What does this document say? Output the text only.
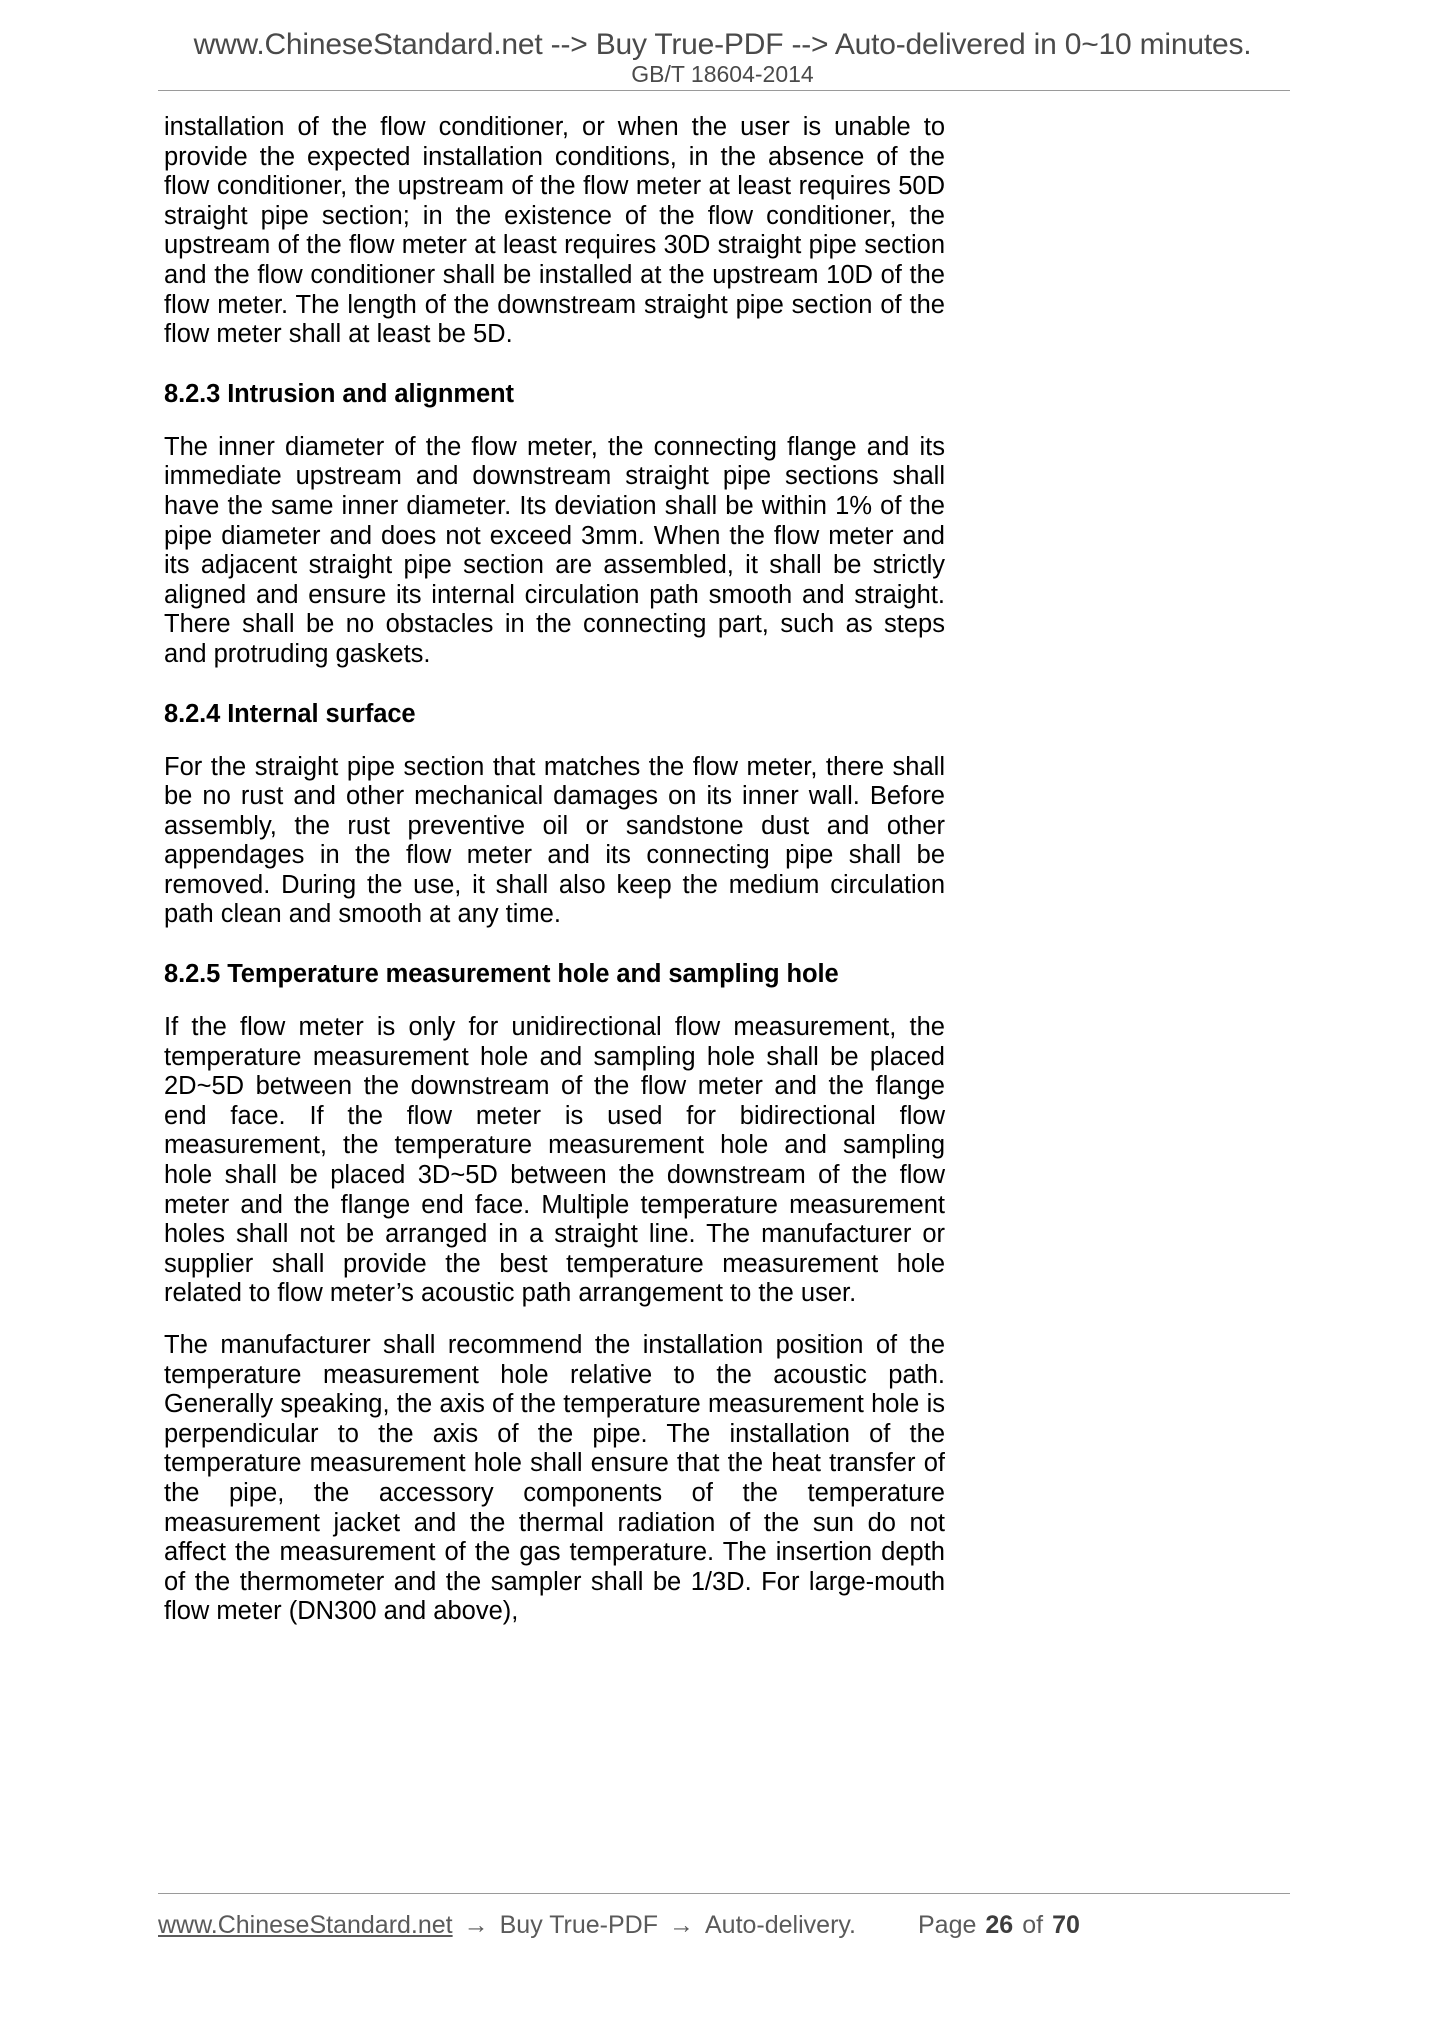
www.ChineseStandard.net --> Buy True-PDF --> Auto-delivered in 0~10 minutes.
GB/T 18604-2014

installation of the flow conditioner, or when the user is unable to provide the expected installation conditions, in the absence of the flow conditioner, the upstream of the flow meter at least requires 50D straight pipe section; in the existence of the flow conditioner, the upstream of the flow meter at least requires 30D straight pipe section and the flow conditioner shall be installed at the upstream 10D of the flow meter. The length of the downstream straight pipe section of the flow meter shall at least be 5D.

8.2.3 Intrusion and alignment

The inner diameter of the flow meter, the connecting flange and its immediate upstream and downstream straight pipe sections shall have the same inner diameter. Its deviation shall be within 1% of the pipe diameter and does not exceed 3mm. When the flow meter and its adjacent straight pipe section are assembled, it shall be strictly aligned and ensure its internal circulation path smooth and straight. There shall be no obstacles in the connecting part, such as steps and protruding gaskets.

8.2.4 Internal surface

For the straight pipe section that matches the flow meter, there shall be no rust and other mechanical damages on its inner wall. Before assembly, the rust preventive oil or sandstone dust and other appendages in the flow meter and its connecting pipe shall be removed. During the use, it shall also keep the medium circulation path clean and smooth at any time.

8.2.5 Temperature measurement hole and sampling hole

If the flow meter is only for unidirectional flow measurement, the temperature measurement hole and sampling hole shall be placed 2D~5D between the downstream of the flow meter and the flange end face. If the flow meter is used for bidirectional flow measurement, the temperature measurement hole and sampling hole shall be placed 3D~5D between the downstream of the flow meter and the flange end face. Multiple temperature measurement holes shall not be arranged in a straight line. The manufacturer or supplier shall provide the best temperature measurement hole related to flow meter’s acoustic path arrangement to the user.

The manufacturer shall recommend the installation position of the temperature measurement hole relative to the acoustic path. Generally speaking, the axis of the temperature measurement hole is perpendicular to the axis of the pipe. The installation of the temperature measurement hole shall ensure that the heat transfer of the pipe, the accessory components of the temperature measurement jacket and the thermal radiation of the sun do not affect the measurement of the gas temperature. The insertion depth of the thermometer and the sampler shall be 1/3D. For large-mouth flow meter (DN300 and above),

www.ChineseStandard.net → Buy True-PDF → Auto-delivery. Page 26 of 70
